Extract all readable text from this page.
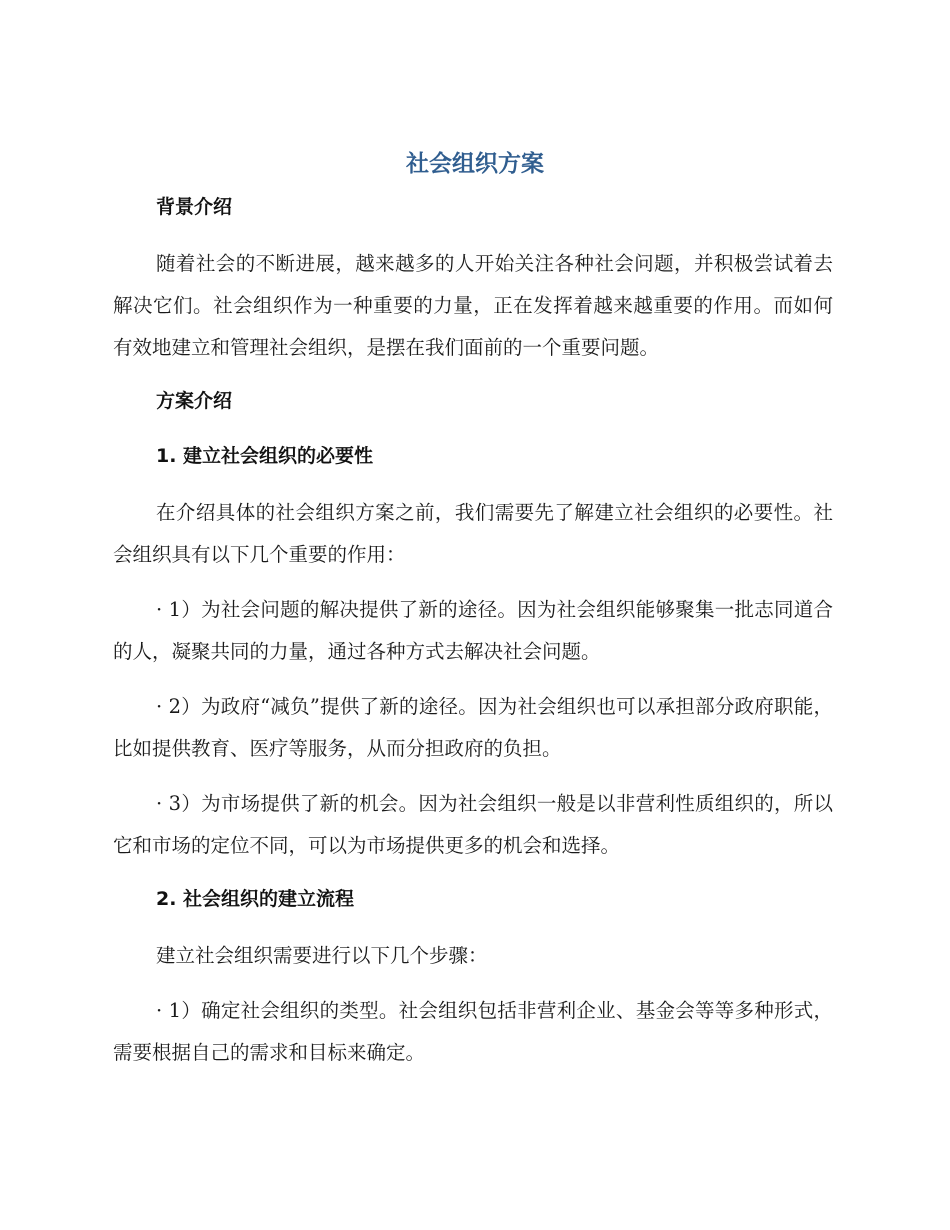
社会组织方案
背景介绍

随着社会的不断进展，越来越多的人开始关注各种社会问题，并积极尝试着去解决它们。社会组织作为一种重要的力量，正在发挥着越来越重要的作用。而如何有效地建立和管理社会组织，是摆在我们面前的一个重要问题。

方案介绍
1. 建立社会组织的必要性

在介绍具体的社会组织方案之前，我们需要先了解建立社会组织的必要性。社会组织具有以下几个重要的作用：

· 1）为社会问题的解决提供了新的途径。因为社会组织能够聚集一批志同道合的人，凝聚共同的力量，通过各种方式去解决社会问题。

· 2）为政府“减负”提供了新的途径。因为社会组织也可以承担部分政府职能，比如提供教育、医疗等服务，从而分担政府的负担。

· 3）为市场提供了新的机会。因为社会组织一般是以非营利性质组织的，所以它和市场的定位不同，可以为市场提供更多的机会和选择。

2. 社会组织的建立流程

建立社会组织需要进行以下几个步骤：

· 1）确定社会组织的类型。社会组织包括非营利企业、基金会等等多种形式，需要根据自己的需求和目标来确定。
